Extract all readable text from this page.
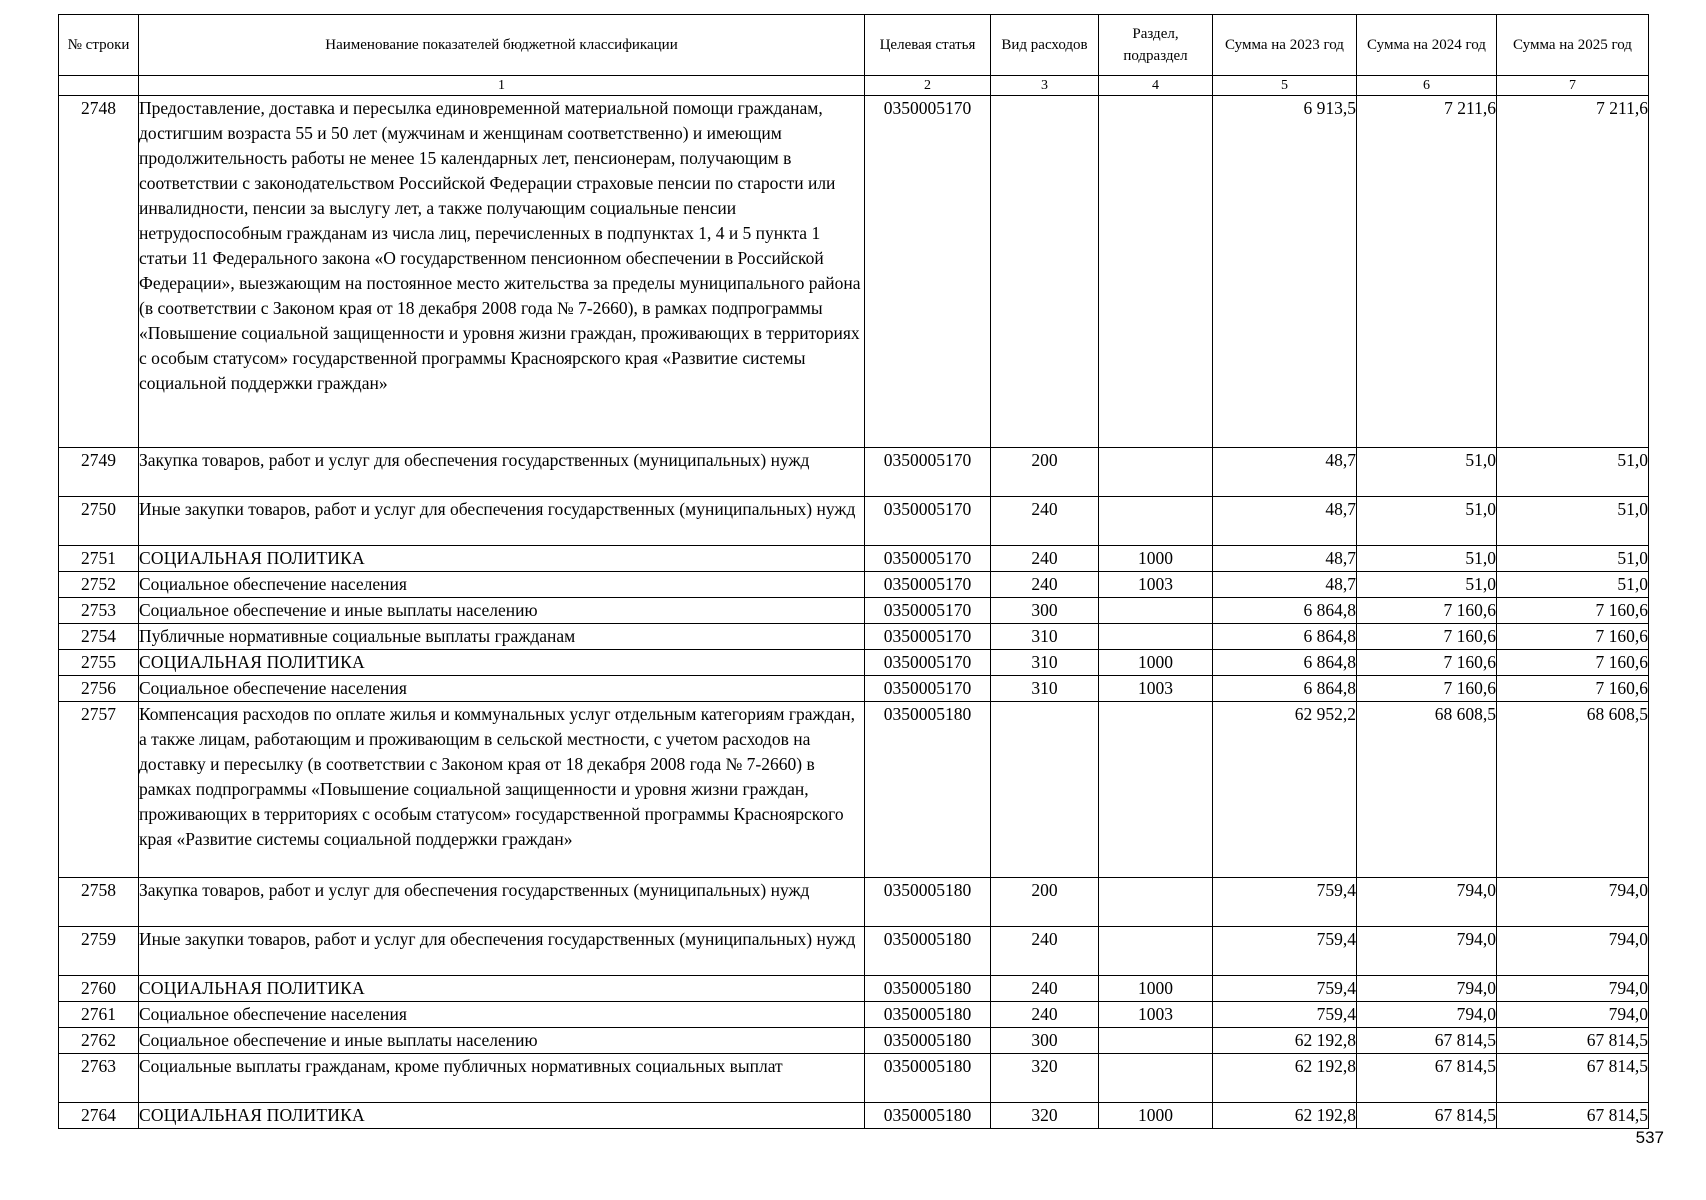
№ строки	Наименование показателей бюджетной классификации	Целевая статья	Вид расходов	Раздел, подраздел	Сумма на 2023 год	Сумма на 2024 год	Сумма на 2025 год
	1	2	3	4	5	6	7
2748	Предоставление, доставка и пересылка единовременной материальной помощи гражданам, достигшим возраста 55 и 50 лет (мужчинам и женщинам соответственно) и имеющим продолжительность работы не менее 15 календарных лет, пенсионерам, получающим в соответствии с законодательством Российской Федерации страховые пенсии по старости или инвалидности, пенсии за выслугу лет, а также получающим социальные пенсии нетрудоспособным гражданам из числа лиц, перечисленных в подпунктах 1, 4 и 5 пункта 1 статьи 11 Федерального закона «О государственном пенсионном обеспечении в Российской Федерации», выезжающим на постоянное место жительства за пределы муниципального района (в соответствии с Законом края от 18 декабря 2008 года № 7-2660), в рамках подпрограммы «Повышение социальной защищенности и уровня жизни граждан, проживающих в территориях с особым статусом» государственной программы Красноярского края «Развитие системы социальной поддержки граждан»	0350005170			6 913,5	7 211,6	7 211,6
2749	Закупка товаров, работ и услуг для обеспечения государственных (муниципальных) нужд	0350005170	200		48,7	51,0	51,0
2750	Иные закупки товаров, работ и услуг для обеспечения государственных (муниципальных) нужд	0350005170	240		48,7	51,0	51,0
2751	СОЦИАЛЬНАЯ ПОЛИТИКА	0350005170	240	1000	48,7	51,0	51,0
2752	Социальное обеспечение населения	0350005170	240	1003	48,7	51,0	51,0
2753	Социальное обеспечение и иные выплаты населению	0350005170	300		6 864,8	7 160,6	7 160,6
2754	Публичные нормативные социальные выплаты гражданам	0350005170	310		6 864,8	7 160,6	7 160,6
2755	СОЦИАЛЬНАЯ ПОЛИТИКА	0350005170	310	1000	6 864,8	7 160,6	7 160,6
2756	Социальное обеспечение населения	0350005170	310	1003	6 864,8	7 160,6	7 160,6
2757	Компенсация расходов по оплате жилья и коммунальных услуг отдельным категориям граждан, а также лицам, работающим и проживающим в сельской местности, с учетом расходов на доставку и пересылку (в соответствии с Законом края от 18 декабря 2008 года № 7-2660) в рамках подпрограммы «Повышение социальной защищенности и уровня жизни граждан, проживающих в территориях с особым статусом» государственной программы Красноярского края «Развитие системы социальной поддержки граждан»	0350005180			62 952,2	68 608,5	68 608,5
2758	Закупка товаров, работ и услуг для обеспечения государственных (муниципальных) нужд	0350005180	200		759,4	794,0	794,0
2759	Иные закупки товаров, работ и услуг для обеспечения государственных (муниципальных) нужд	0350005180	240		759,4	794,0	794,0
2760	СОЦИАЛЬНАЯ ПОЛИТИКА	0350005180	240	1000	759,4	794,0	794,0
2761	Социальное обеспечение населения	0350005180	240	1003	759,4	794,0	794,0
2762	Социальное обеспечение и иные выплаты населению	0350005180	300		62 192,8	67 814,5	67 814,5
2763	Социальные выплаты гражданам, кроме публичных нормативных социальных выплат	0350005180	320		62 192,8	67 814,5	67 814,5
2764	СОЦИАЛЬНАЯ ПОЛИТИКА	0350005180	320	1000	62 192,8	67 814,5	67 814,5
537
